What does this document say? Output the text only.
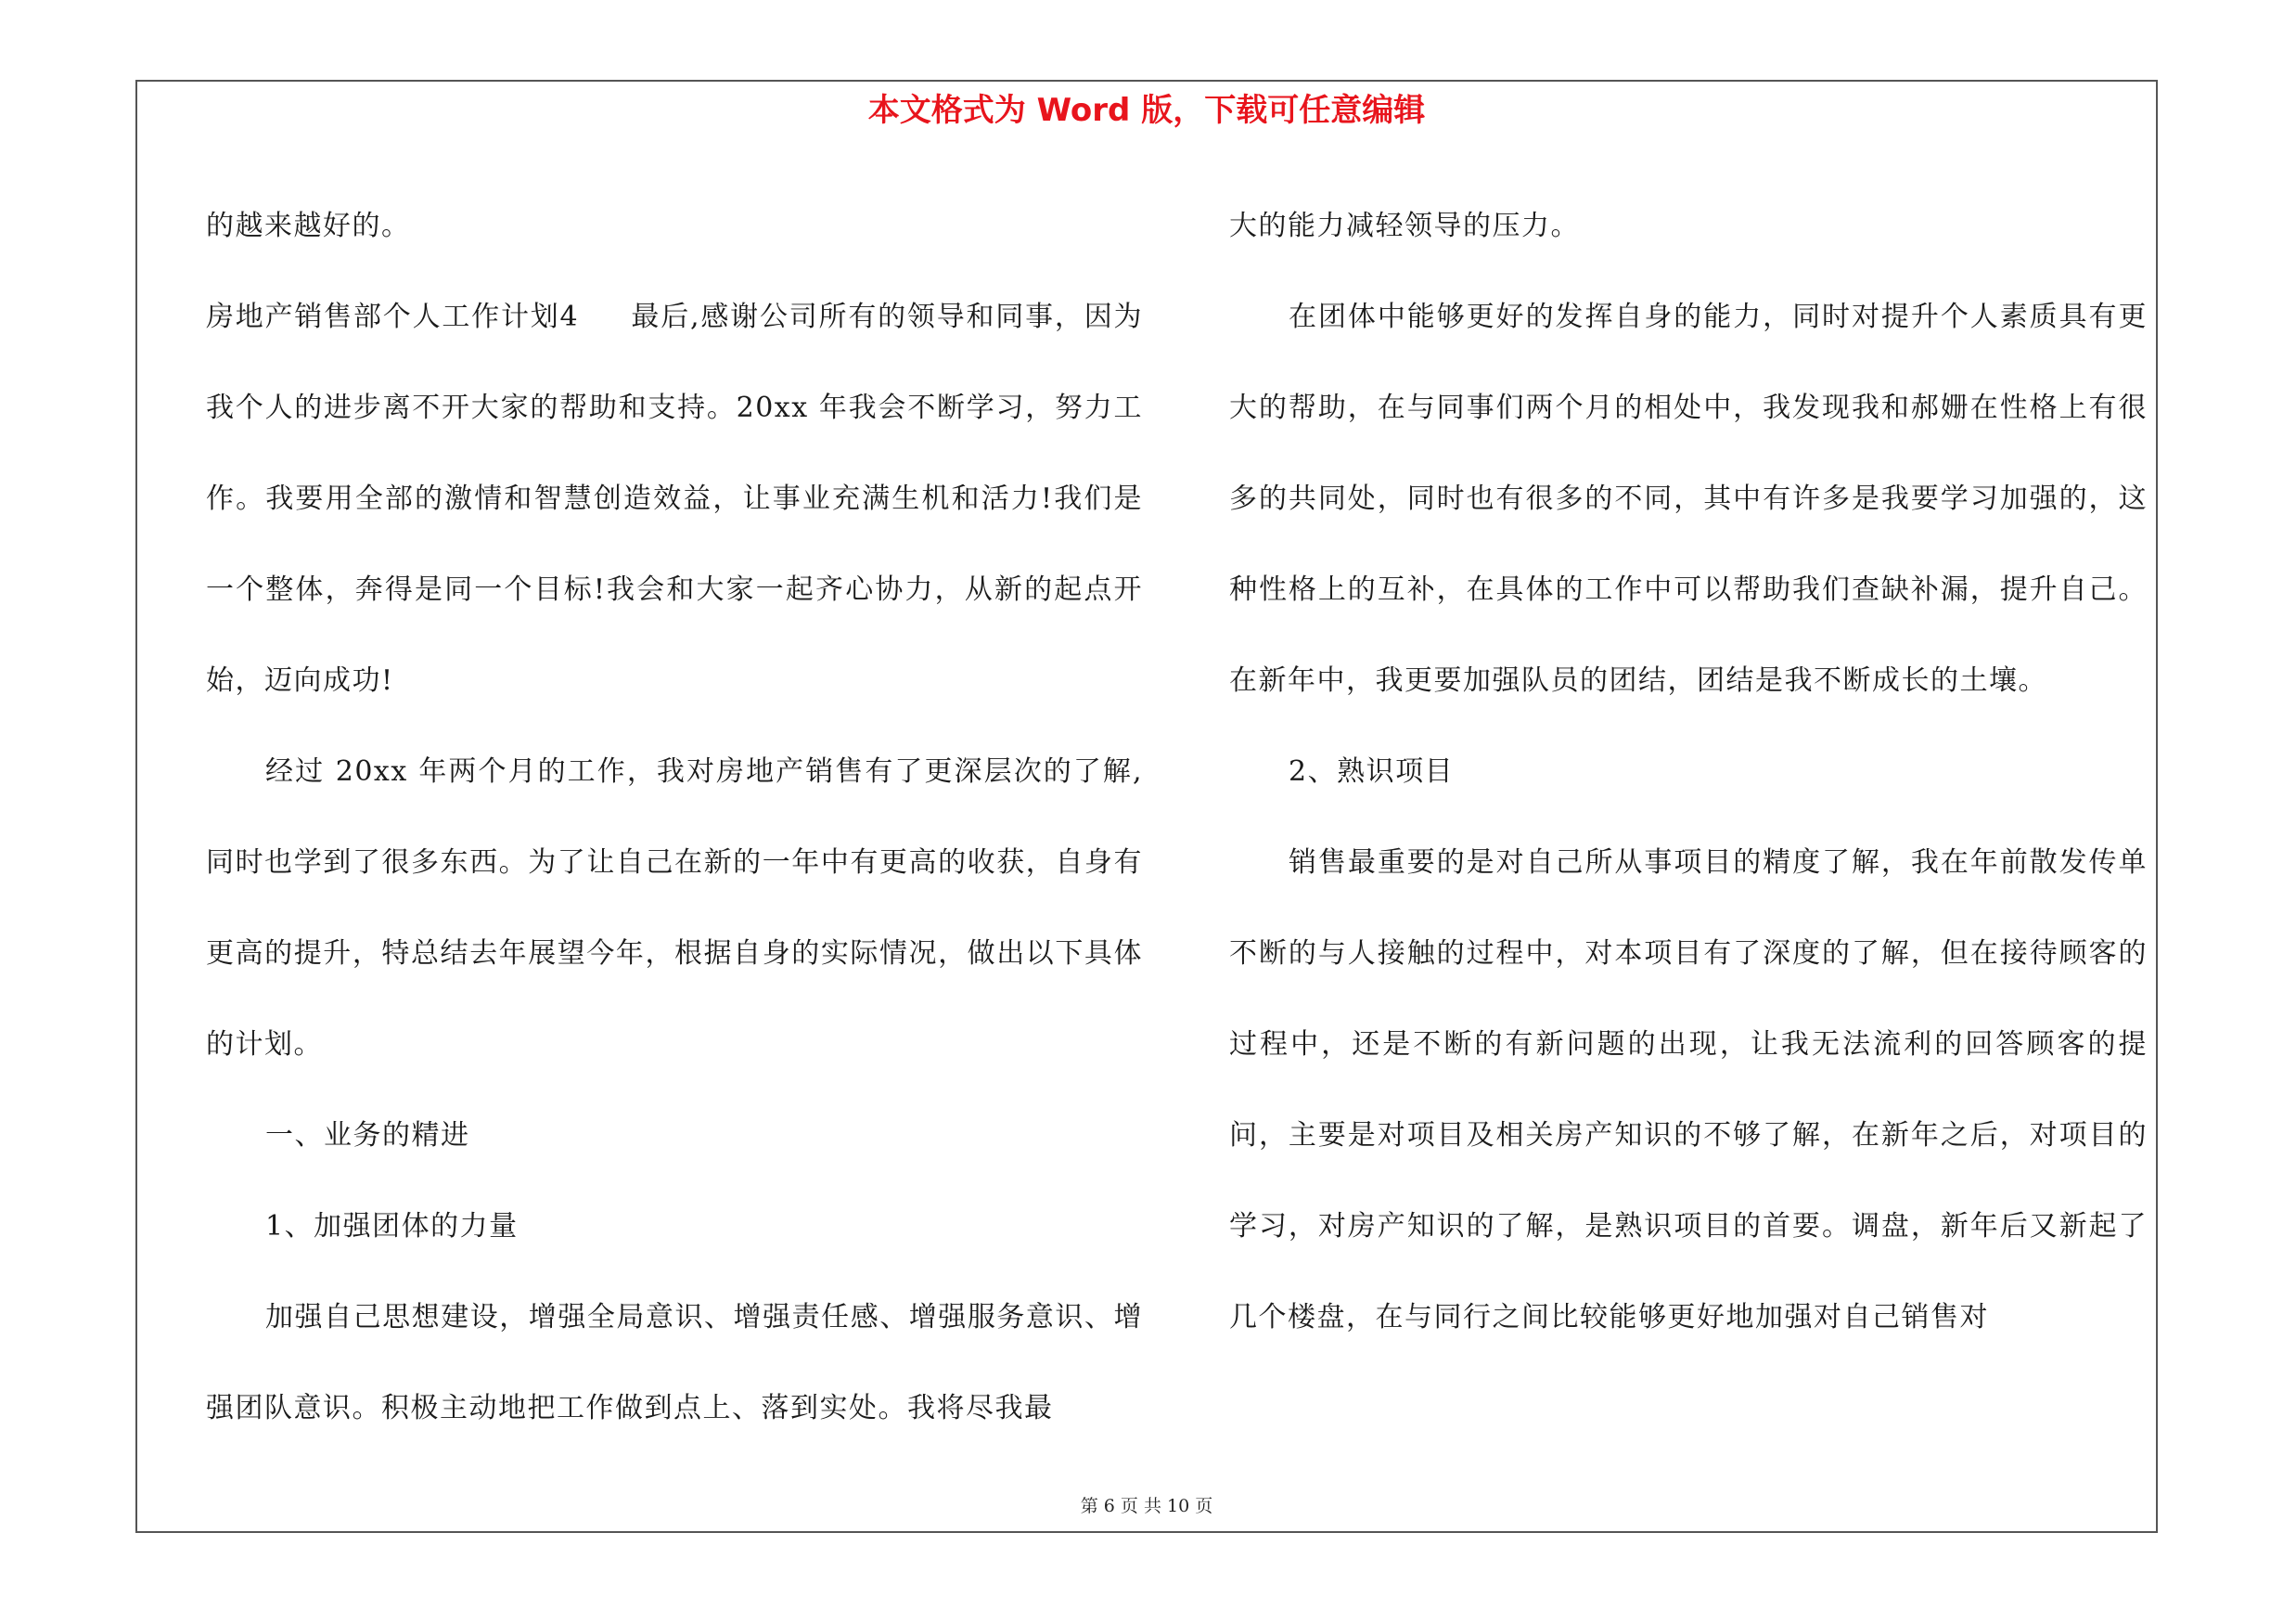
本文格式为 Word 版，下载可任意编辑

的越来越好的。

房地产销售部个人工作计划4 最后,感谢公司所有的领导和同事，因为我个人的进步离不开大家的帮助和支持。20xx 年我会不断学习，努力工作。我要用全部的激情和智慧创造效益，让事业充满生机和活力!我们是一个整体，奔得是同一个目标!我会和大家一起齐心协力，从新的起点开始，迈向成功!

经过 20xx 年两个月的工作，我对房地产销售有了更深层次的了解,同时也学到了很多东西。为了让自己在新的一年中有更高的收获，自身有更高的提升，特总结去年展望今年，根据自身的实际情况，做出以下具体的计划。

一、业务的精进

1、加强团体的力量

加强自己思想建设，增强全局意识、增强责任感、增强服务意识、增强团队意识。积极主动地把工作做到点上、落到实处。我将尽我最

大的能力减轻领导的压力。

在团体中能够更好的发挥自身的能力，同时对提升个人素质具有更大的帮助，在与同事们两个月的相处中，我发现我和郝姗在性格上有很多的共同处，同时也有很多的不同，其中有许多是我要学习加强的，这种性格上的互补，在具体的工作中可以帮助我们查缺补漏，提升自己。在新年中，我更要加强队员的团结，团结是我不断成长的土壤。

2、熟识项目

销售最重要的是对自己所从事项目的精度了解，我在年前散发传单不断的与人接触的过程中，对本项目有了深度的了解，但在接待顾客的过程中，还是不断的有新问题的出现，让我无法流利的回答顾客的提问，主要是对项目及相关房产知识的不够了解，在新年之后，对项目的学习，对房产知识的了解，是熟识项目的首要。调盘，新年后又新起了几个楼盘，在与同行之间比较能够更好地加强对自己销售对

第 6 页 共 10 页
